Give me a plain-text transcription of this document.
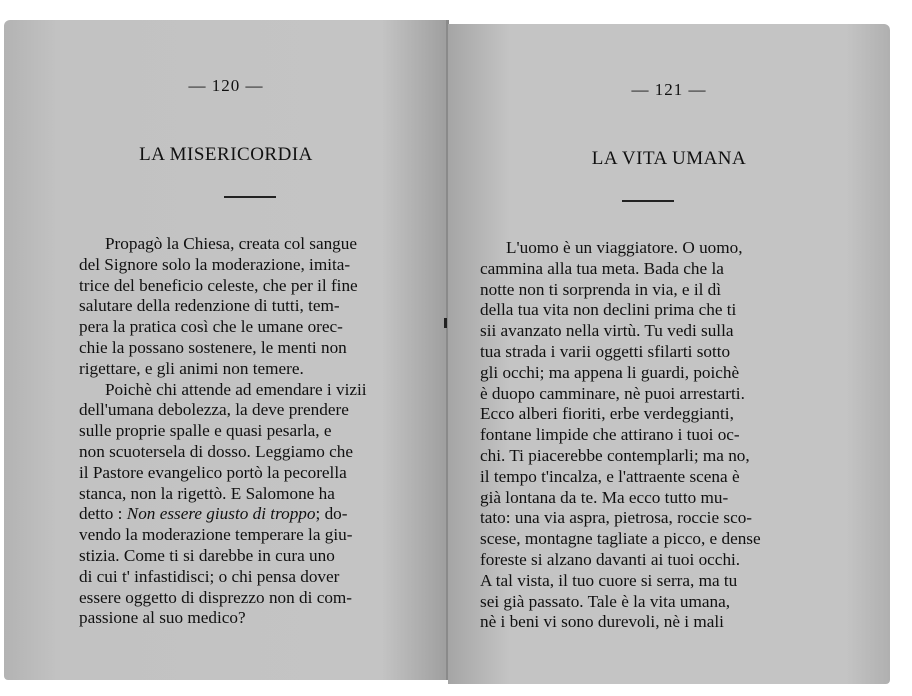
— 120 —
LA MISERICORDIA
Propagò la Chiesa, creata col sangue
del Signore solo la moderazione, imita-
trice del beneficio celeste, che per il fine
salutare della redenzione di tutti, tem-
pera la pratica così che le umane orec-
chie la possano sostenere, le menti non
rigettare, e gli animi non temere.
Poichè chi attende ad emendare i vizii
dell'umana debolezza, la deve prendere
sulle proprie spalle e quasi pesarla, e
non scuotersela di dosso. Leggiamo che
il Pastore evangelico portò la pecorella
stanca, non la rigettò. E Salomone ha
detto : Non essere giusto di troppo; do-
vendo la moderazione temperare la giu-
stizia. Come ti si darebbe in cura uno
di cui t' infastidisci; o chi pensa dover
essere oggetto di disprezzo non di com-
passione al suo medico?
— 121 —
LA VITA UMANA
L'uomo è un viaggiatore. O uomo,
cammina alla tua meta. Bada che la
notte non ti sorprenda in via, e il dì
della tua vita non declini prima che ti
sii avanzato nella virtù. Tu vedi sulla
tua strada i varii oggetti sfilarti sotto
gli occhi; ma appena li guardi, poichè
è duopo camminare, nè puoi arrestarti.
Ecco alberi fioriti, erbe verdeggianti,
fontane limpide che attirano i tuoi oc-
chi. Ti piacerebbe contemplarli; ma no,
il tempo t'incalza, e l'attraente scena è
già lontana da te. Ma ecco tutto mu-
tato: una via aspra, pietrosa, roccie sco-
scese, montagne tagliate a picco, e dense
foreste si alzano davanti ai tuoi occhi.
A tal vista, il tuo cuore si serra, ma tu
sei già passato. Tale è la vita umana,
nè i beni vi sono durevoli, nè i mali
